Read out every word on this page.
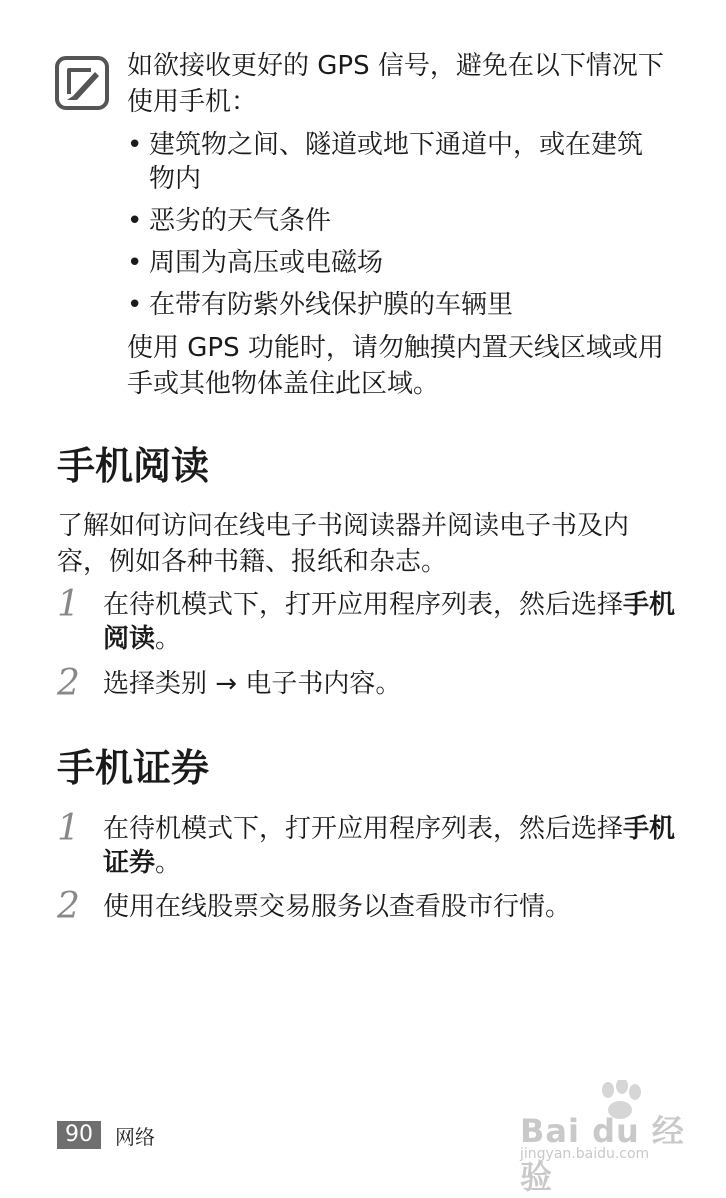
如欲接收更好的 GPS 信号，避免在以下情况下使用手机：

• 建筑物之间、隧道或地下通道中，或在建筑物内
• 恶劣的天气条件
• 周围为高压或电磁场
• 在带有防紫外线保护膜的车辆里

使用 GPS 功能时，请勿触摸内置天线区域或用手或其他物体盖住此区域。

手机阅读

了解如何访问在线电子书阅读器并阅读电子书及内容，例如各种书籍、报纸和杂志。

1 在待机模式下，打开应用程序列表，然后选择手机阅读。
2 选择类别 → 电子书内容。
手机证券
1 在待机模式下，打开应用程序列表，然后选择手机证券。
2 使用在线股票交易服务以查看股市行情。
90	网络	Bai du 经验
jingyan.baidu.com
